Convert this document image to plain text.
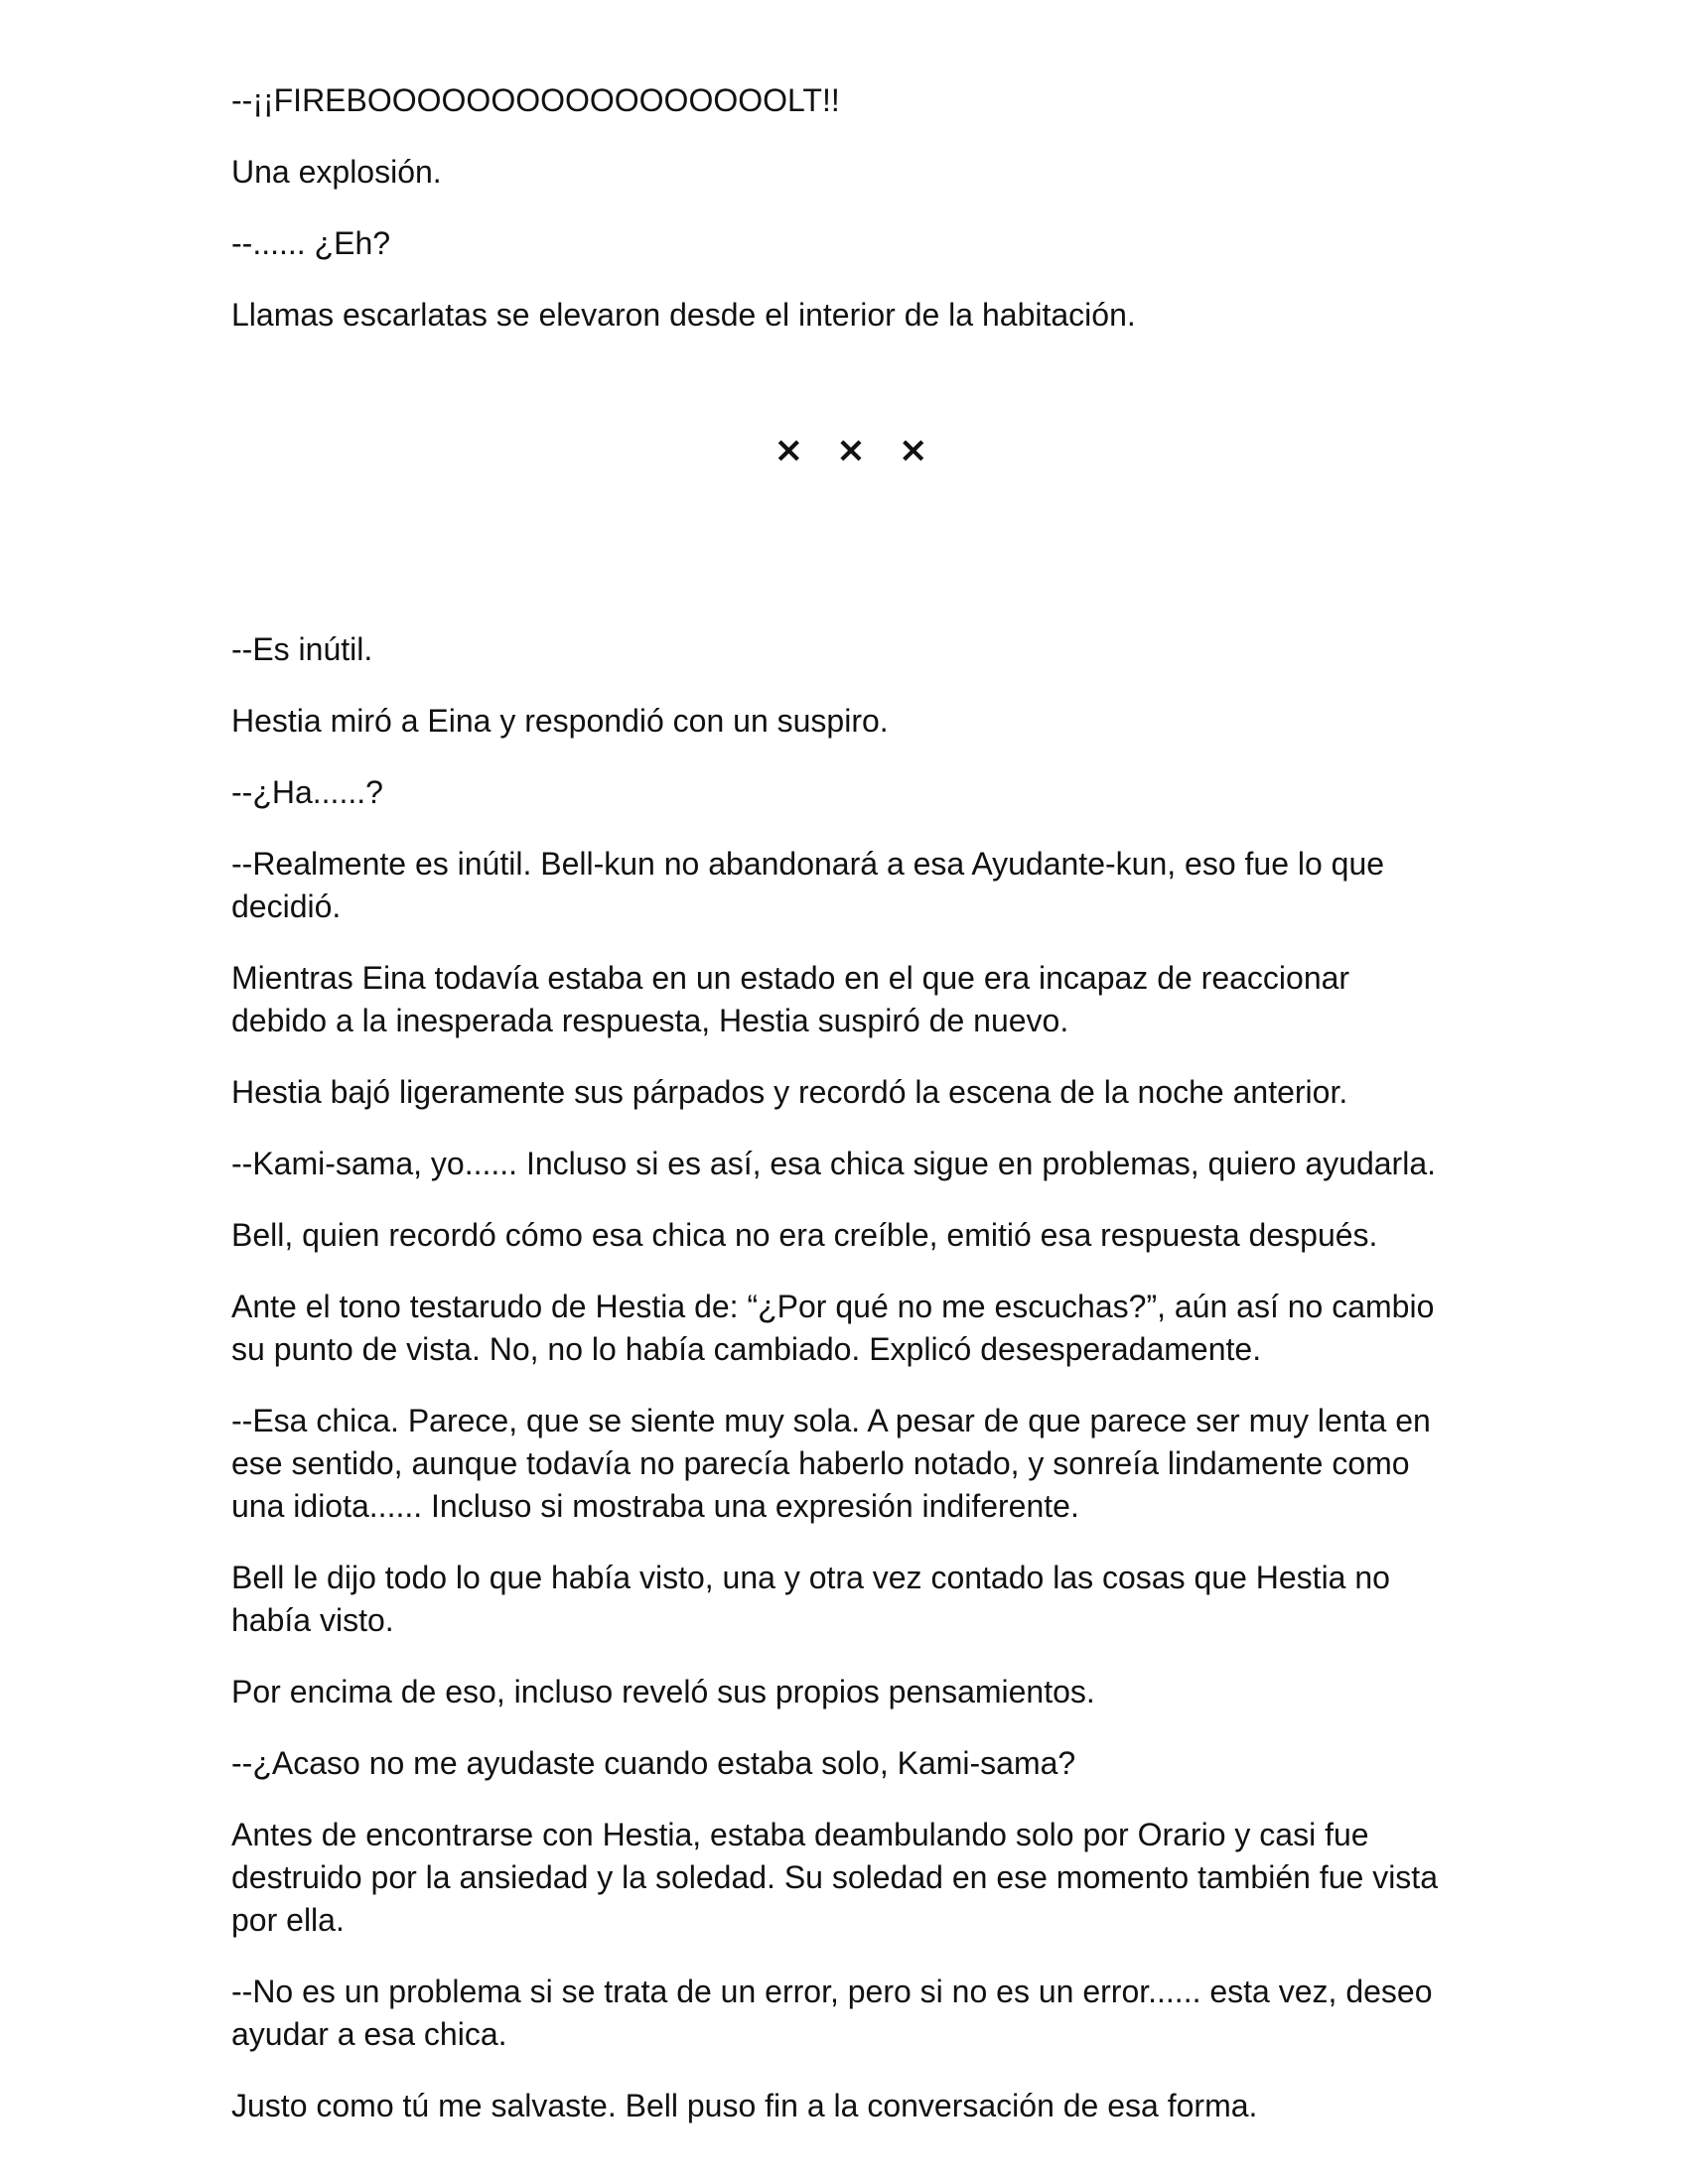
--¡¡FIREBOOOOOOOOOOOOOOOOOLT!!

Una explosión.

--...... ¿Eh?

Llamas escarlatas se elevaron desde el interior de la habitación.

× × ×

--Es inútil.

Hestia miró a Eina y respondió con un suspiro.

--¿Ha......?

--Realmente es inútil. Bell-kun no abandonará a esa Ayudante-kun, eso fue lo que decidió.

Mientras Eina todavía estaba en un estado en el que era incapaz de reaccionar debido a la inesperada respuesta, Hestia suspiró de nuevo.

Hestia bajó ligeramente sus párpados y recordó la escena de la noche anterior.

--Kami-sama, yo...... Incluso si es así, esa chica sigue en problemas, quiero ayudarla.

Bell, quien recordó cómo esa chica no era creíble, emitió esa respuesta después.

Ante el tono testarudo de Hestia de: “¿Por qué no me escuchas?”, aún así no cambio su punto de vista. No, no lo había cambiado. Explicó desesperadamente.

--Esa chica. Parece, que se siente muy sola. A pesar de que parece ser muy lenta en ese sentido, aunque todavía no parecía haberlo notado, y sonreía lindamente como una idiota...... Incluso si mostraba una expresión indiferente.

Bell le dijo todo lo que había visto, una y otra vez contado las cosas que Hestia no había visto.

Por encima de eso, incluso reveló sus propios pensamientos.

--¿Acaso no me ayudaste cuando estaba solo, Kami-sama?

Antes de encontrarse con Hestia, estaba deambulando solo por Orario y casi fue destruido por la ansiedad y la soledad. Su soledad en ese momento también fue vista por ella.

--No es un problema si se trata de un error, pero si no es un error...... esta vez, deseo ayudar a esa chica.

Justo como tú me salvaste. Bell puso fin a la conversación de esa forma.
